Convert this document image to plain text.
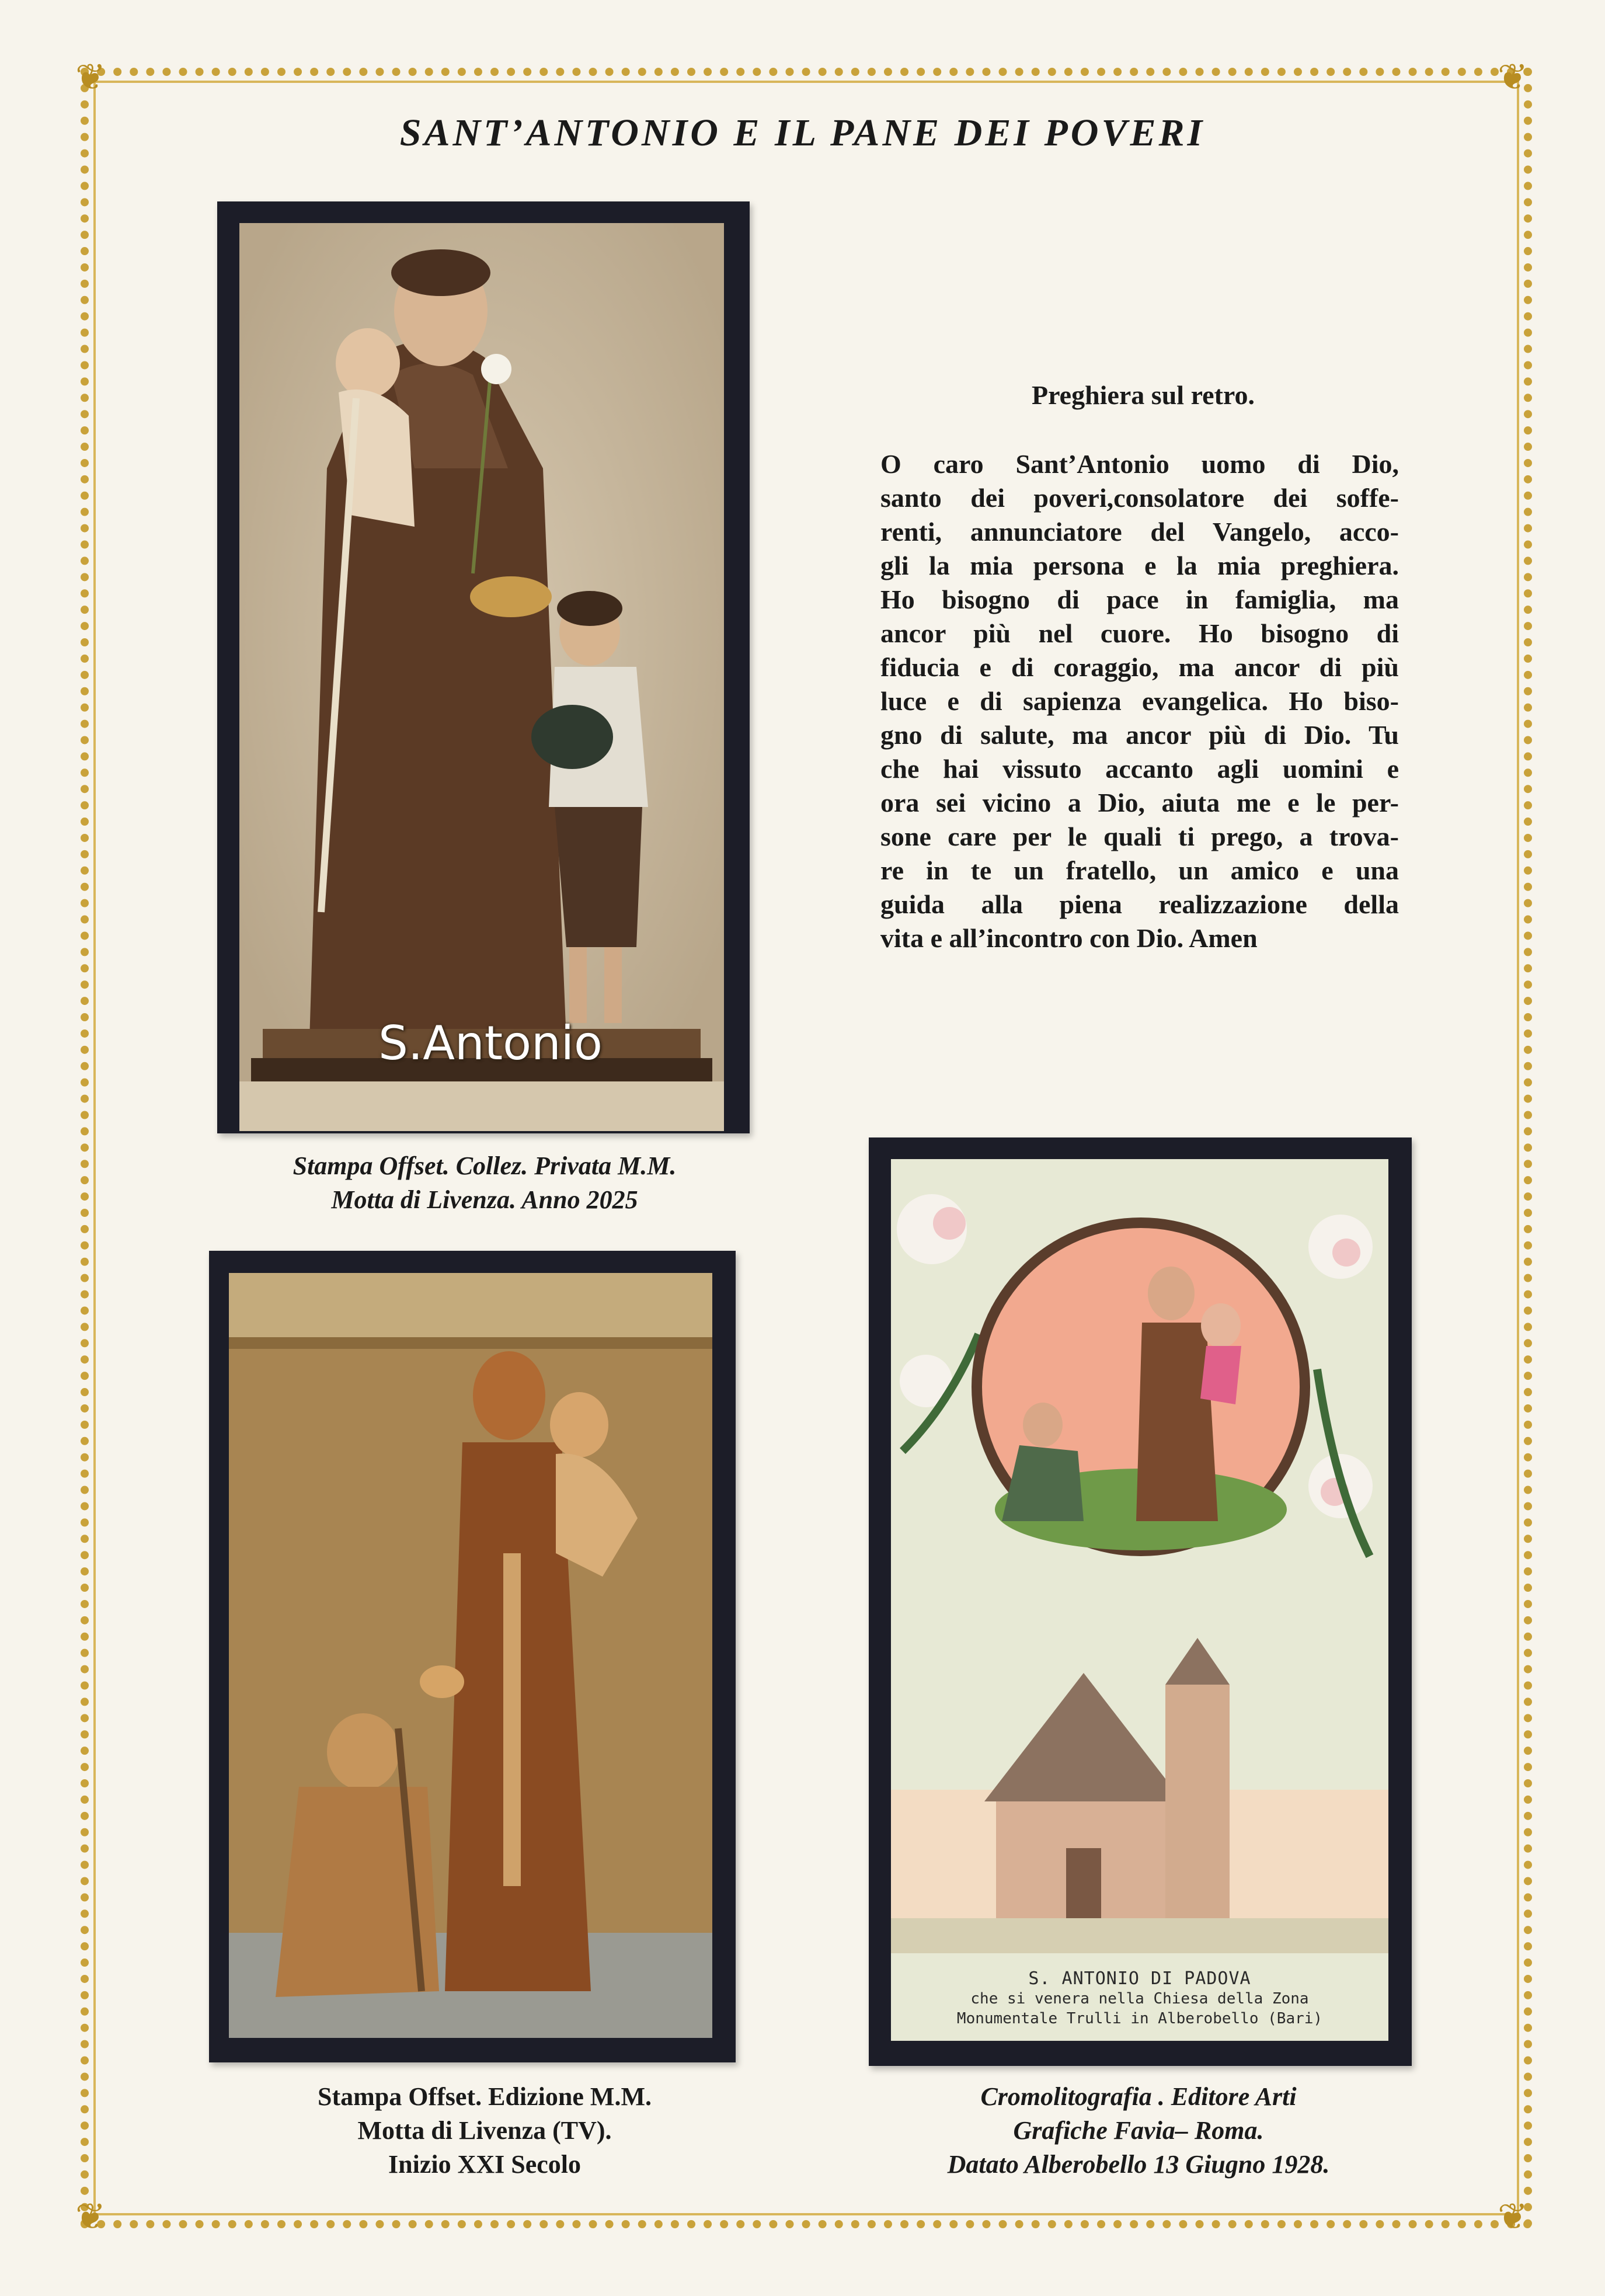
❦	❦
❦	❦
SANT’ANTONIO E IL PANE DEI POVERI
S.Antonio
Stampa Offset. Collez. Privata M.M.
Motta di Livenza. Anno 2025
Preghiera sul retro.
O caro Sant’Antonio uomo di Dio,
santo dei poveri,consolatore dei soffe-
renti, annunciatore del Vangelo, acco-
gli la mia persona e la mia preghiera.
Ho bisogno di pace in famiglia, ma
ancor più nel cuore. Ho bisogno di
fiducia e di coraggio, ma ancor di più
luce e di sapienza evangelica. Ho biso-
gno di salute, ma ancor più di Dio. Tu
che hai vissuto accanto agli uomini e
ora sei vicino a Dio, aiuta me e le per-
sone care per le quali ti prego, a trova-
re in te un fratello, un amico e una
guida alla piena realizzazione della
vita e all’incontro con Dio. Amen
Stampa Offset. Edizione M.M.
Motta di Livenza (TV).
Inizio XXI Secolo
S. ANTONIO DI PADOVA
che si venera nella Chiesa della Zona
Monumentale Trulli in Alberobello (Bari)
Cromolitografia . Editore Arti
Grafiche Favia– Roma.
Datato Alberobello 13 Giugno 1928.
